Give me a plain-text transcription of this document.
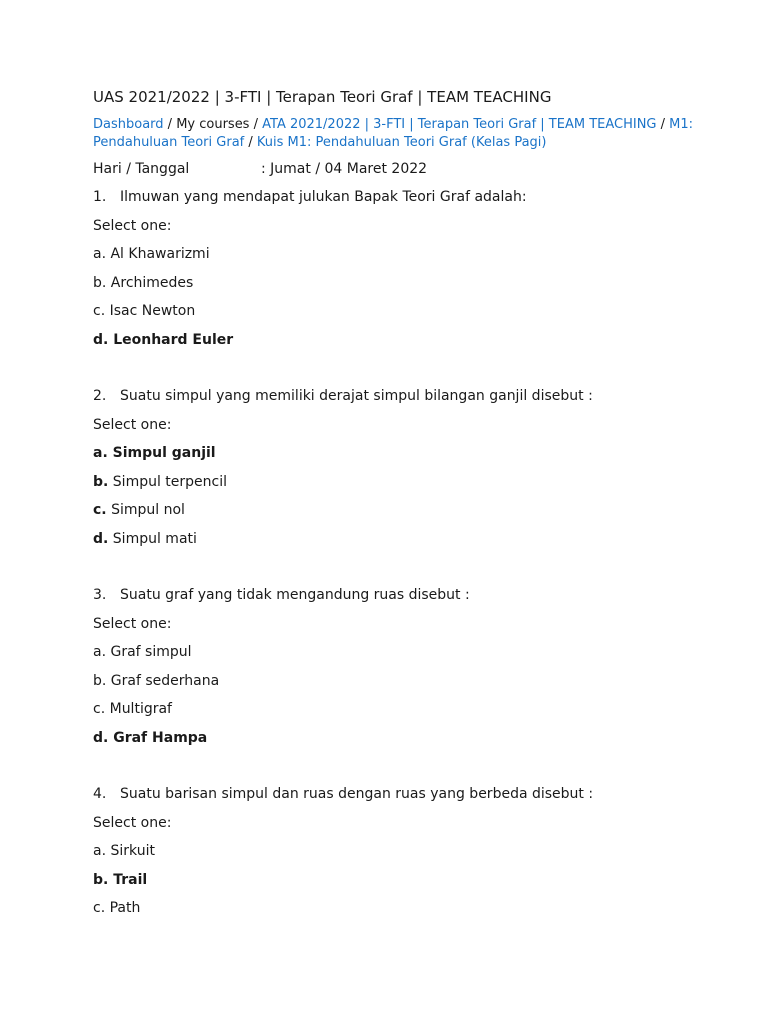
UAS 2021/2022 | 3-FTI | Terapan Teori Graf | TEAM TEACHING
Dashboard / My courses / ATA 2021/2022 | 3-FTI | Terapan Teori Graf | TEAM TEACHING / M1:
Pendahuluan Teori Graf / Kuis M1: Pendahuluan Teori Graf (Kelas Pagi)
Hari / Tanggal	: Jumat / 04 Maret 2022
1. Ilmuwan yang mendapat julukan Bapak Teori Graf adalah:
Select one:
a. Al Khawarizmi
b. Archimedes
c. Isac Newton
d. Leonhard Euler
2. Suatu simpul yang memiliki derajat simpul bilangan ganjil disebut :
Select one:
a. Simpul ganjil
b. Simpul terpencil
c. Simpul nol
d. Simpul mati
3. Suatu graf yang tidak mengandung ruas disebut :
Select one:
a. Graf simpul
b. Graf sederhana
c. Multigraf
d. Graf Hampa
4. Suatu barisan simpul dan ruas dengan ruas yang berbeda disebut :
Select one:
a. Sirkuit
b. Trail
c. Path
